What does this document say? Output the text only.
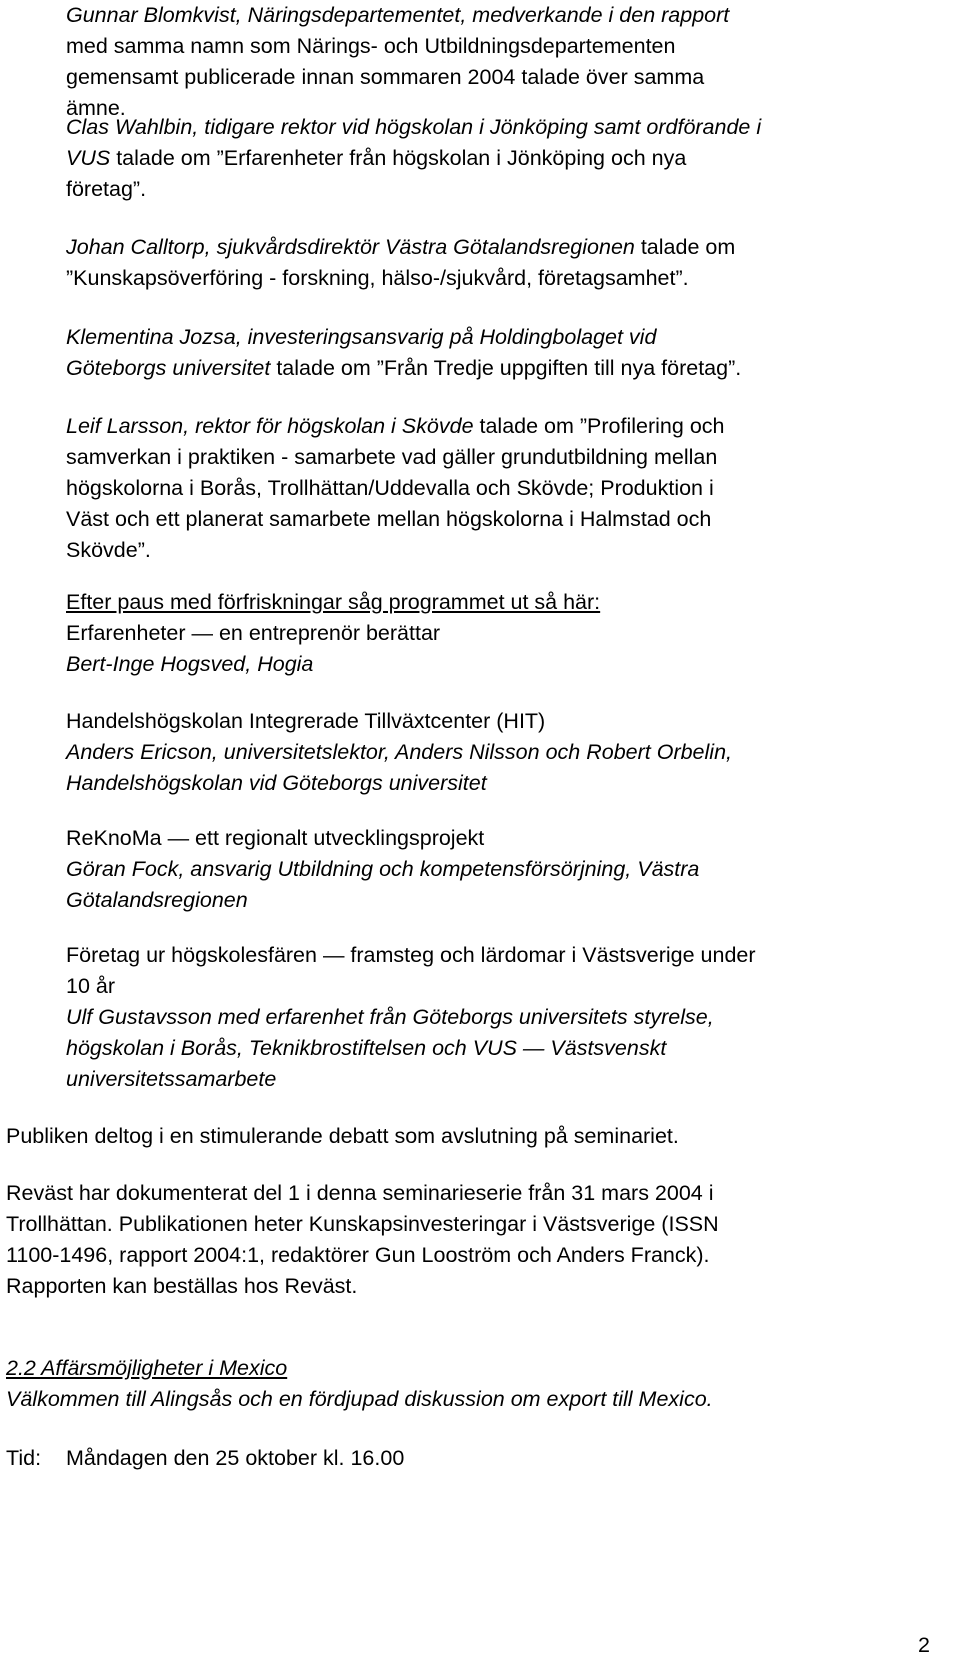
Gunnar Blomkvist, Näringsdepartementet, medverkande i den rapport
med samma namn som Närings- och Utbildningsdepartementen
gemensamt publicerade innan sommaren 2004 talade över samma
ämne.
Clas Wahlbin, tidigare rektor vid högskolan i Jönköping samt ordförande i
VUS talade om ”Erfarenheter från högskolan i Jönköping och nya
företag”.
Johan Calltorp, sjukvårdsdirektör Västra Götalandsregionen talade om
”Kunskapsöverföring - forskning, hälso-/sjukvård, företagsamhet”.
Klementina Jozsa, investeringsansvarig på Holdingbolaget vid
Göteborgs universitet talade om ”Från Tredje uppgiften till nya företag”.
Leif Larsson, rektor för högskolan i Skövde talade om ”Profilering och
samverkan i praktiken - samarbete vad gäller grundutbildning mellan
högskolorna i Borås, Trollhättan/Uddevalla och Skövde; Produktion i
Väst och ett planerat samarbete mellan högskolorna i Halmstad och
Skövde”.
Efter paus med förfriskningar såg programmet ut så här:
Erfarenheter — en entreprenör berättar
Bert-Inge Hogsved, Hogia
Handelshögskolan Integrerade Tillväxtcenter (HIT)
Anders Ericson, universitetslektor, Anders Nilsson och Robert Orbelin,
Handelshögskolan vid Göteborgs universitet
ReKnoMa — ett regionalt utvecklingsprojekt
Göran Fock, ansvarig Utbildning och kompetensförsörjning, Västra
Götalandsregionen
Företag ur högskolesfären — framsteg och lärdomar i Västsverige under
10 år
Ulf Gustavsson med erfarenhet från Göteborgs universitets styrelse,
högskolan i Borås, Teknikbrostiftelsen och VUS — Västsvenskt
universitetssamarbete
Publiken deltog i en stimulerande debatt som avslutning på seminariet.
Reväst har dokumenterat del 1 i denna seminarieserie från 31 mars 2004 i
Trollhättan. Publikationen heter Kunskapsinvesteringar i Västsverige (ISSN
1100-1496, rapport 2004:1, redaktörer Gun Looström och Anders Franck).
Rapporten kan beställas hos Reväst.
2.2 Affärsmöjligheter i Mexico
Välkommen till Alingsås och en fördjupad diskussion om export till Mexico.
Tid: Måndagen den 25 oktober kl. 16.00
2
